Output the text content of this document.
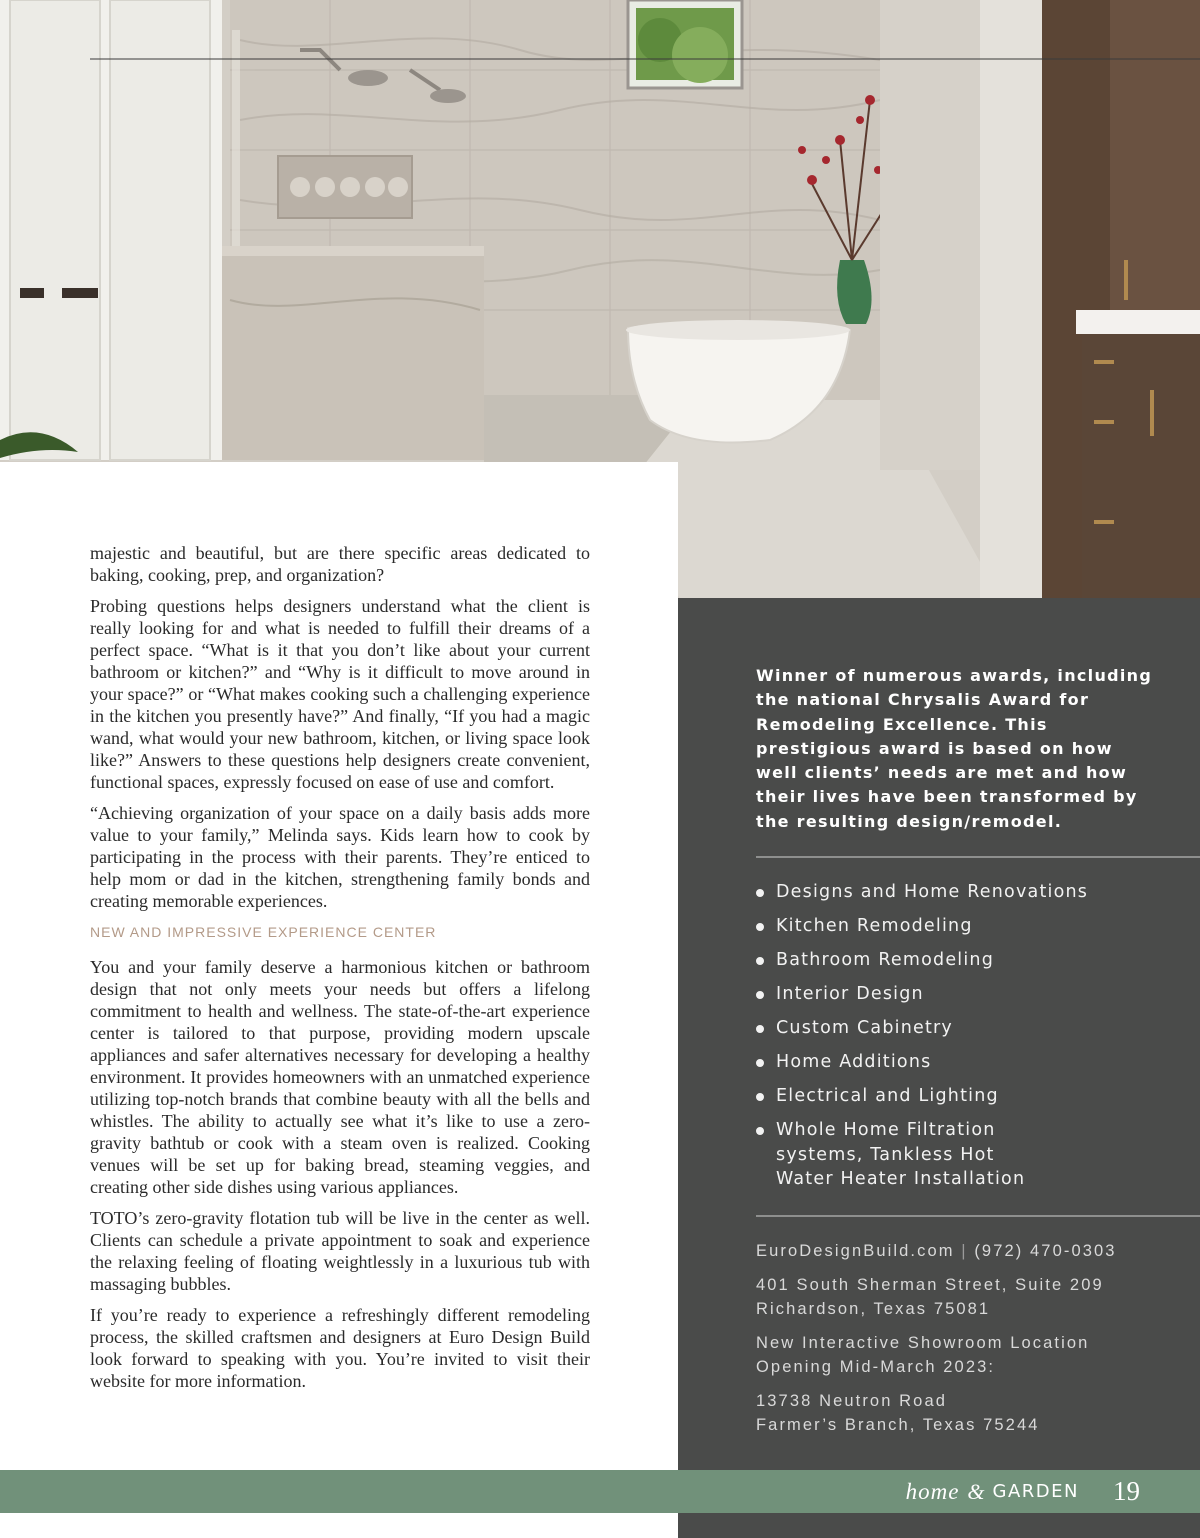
majestic and beautiful, but are there specific areas dedicated to baking, cooking, prep, and organization?

Probing questions helps designers understand what the client is really looking for and what is needed to fulfill their dreams of a perfect space. “What is it that you don’t like about your current bathroom or kitchen?” and “Why is it difficult to move around in your space?” or “What makes cooking such a challenging experience in the kitchen you presently have?” And finally, “If you had a magic wand, what would your new bathroom, kitchen, or living space look like?” Answers to these questions help designers create convenient, functional spaces, expressly focused on ease of use and comfort.

“Achieving organization of your space on a daily basis adds more value to your family,” Melinda says. Kids learn how to cook by participating in the process with their parents. They’re enticed to help mom or dad in the kitchen, strengthening family bonds and creating memorable experiences.

NEW AND IMPRESSIVE EXPERIENCE CENTER

You and your family deserve a harmonious kitchen or bathroom design that not only meets your needs but offers a lifelong commitment to health and wellness. The state-of-the-art experience center is tailored to that purpose, providing modern upscale appliances and safer alternatives necessary for developing a healthy environment. It provides homeowners with an unmatched experience utilizing top-notch brands that combine beauty with all the bells and whistles. The ability to actually see what it’s like to use a zero-gravity bathtub or cook with a steam oven is realized. Cooking venues will be set up for baking bread, steaming veggies, and creating other side dishes using various appliances.

TOTO’s zero-gravity flotation tub will be live in the center as well. Clients can schedule a private appointment to soak and experience the relaxing feeling of floating weightlessly in a luxurious tub with massaging bubbles.

If you’re ready to experience a refreshingly different remodeling process, the skilled craftsmen and designers at Euro Design Build look forward to speaking with you. You’re invited to visit their website for more information.

Winner of numerous awards, including the national Chrysalis Award for Remodeling Excellence. This prestigious award is based on how well clients’ needs are met and how their lives have been transformed by the resulting design/remodel.
Designs and Home Renovations
Kitchen Remodeling
Bathroom Remodeling
Interior Design
Custom Cabinetry
Home Additions
Electrical and Lighting
Whole Home Filtration systems, Tankless Hot Water Heater Installation

EuroDesignBuild.com | (972) 470-0303

401 South Sherman Street, Suite 209
Richardson, Texas 75081

New Interactive Showroom Location
Opening Mid-March 2023:

13738 Neutron Road
Farmer’s Branch, Texas 75244

home & GARDEN 19
